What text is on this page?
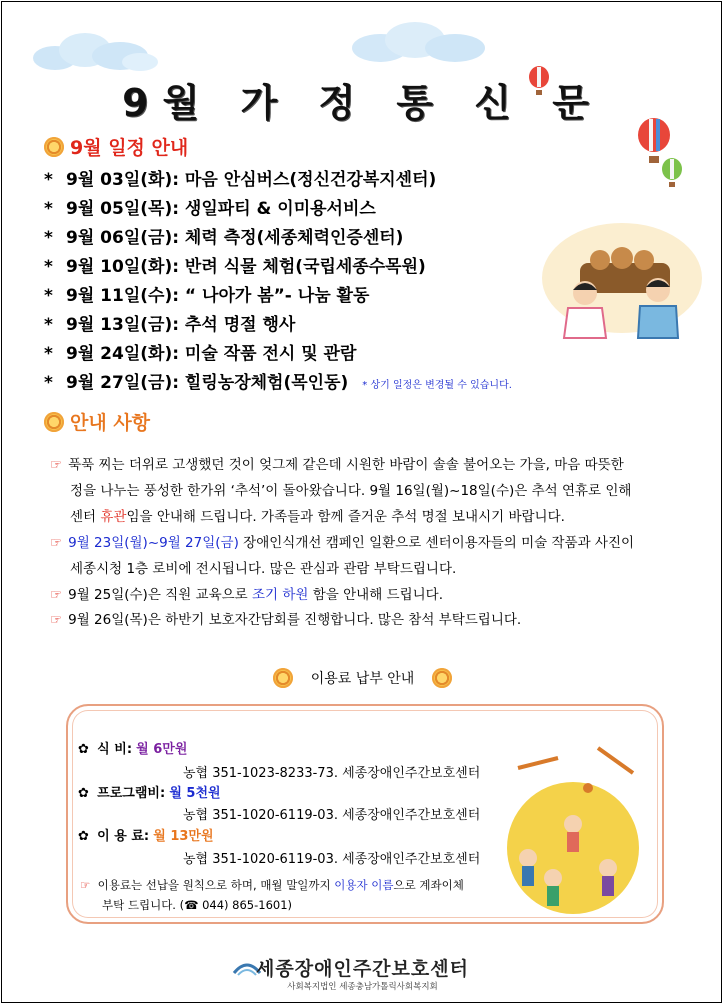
9월 가 정 통 신 문
9월 일정 안내
* 9월 03일(화): 마음 안심버스(정신건강복지센터)
* 9월 05일(목): 생일파티 & 이미용서비스
* 9월 06일(금): 체력 측정(세종체력인증센터)
* 9월 10일(화): 반려 식물 체험(국립세종수목원)
* 9월 11일(수): “ 나아가 봄”- 나눔 활동
* 9월 13일(금): 추석 명절 행사
* 9월 24일(화): 미술 작품 전시 및 관람
* 9월 27일(금): 힐링농장체험(목인동) * 상기 일정은 변경될 수 있습니다.
안내 사항
☞ 푹푹 찌는 더위로 고생했던 것이 엊그제 같은데 시원한 바람이 솔솔 불어오는 가을, 마음 따뜻한
정을 나누는 풍성한 한가위 ‘추석’이 돌아왔습니다. 9월 16일(월)~18일(수)은 추석 연휴로 인해
센터 휴관임을 안내해 드립니다. 가족들과 함께 즐거운 추석 명절 보내시기 바랍니다.
☞ 9월 23일(월)~9월 27일(금) 장애인식개선 캠페인 일환으로 센터이용자들의 미술 작품과 사진이
세종시청 1층 로비에 전시됩니다. 많은 관심과 관람 부탁드립니다.
☞ 9월 25일(수)은 직원 교육으로 조기 하원 함을 안내해 드립니다.
☞ 9월 26일(목)은 하반기 보호자간담회를 진행합니다. 많은 참석 부탁드립니다.
이용료 납부 안내
✿ 식 비: 월 6만원
농협 351-1023-8233-73. 세종장애인주간보호센터
✿ 프로그램비: 월 5천원
농협 351-1020-6119-03. 세종장애인주간보호센터
✿ 이 용 료: 월 13만원
농협 351-1020-6119-03. 세종장애인주간보호센터
☞ 이용료는 선납을 원칙으로 하며, 매월 말일까지 이용자 이름으로 계좌이체
부탁 드립니다. (☎ 044) 865-1601)
세종장애인주간보호센터
사회복지법인 세종충남가톨릭사회복지회
